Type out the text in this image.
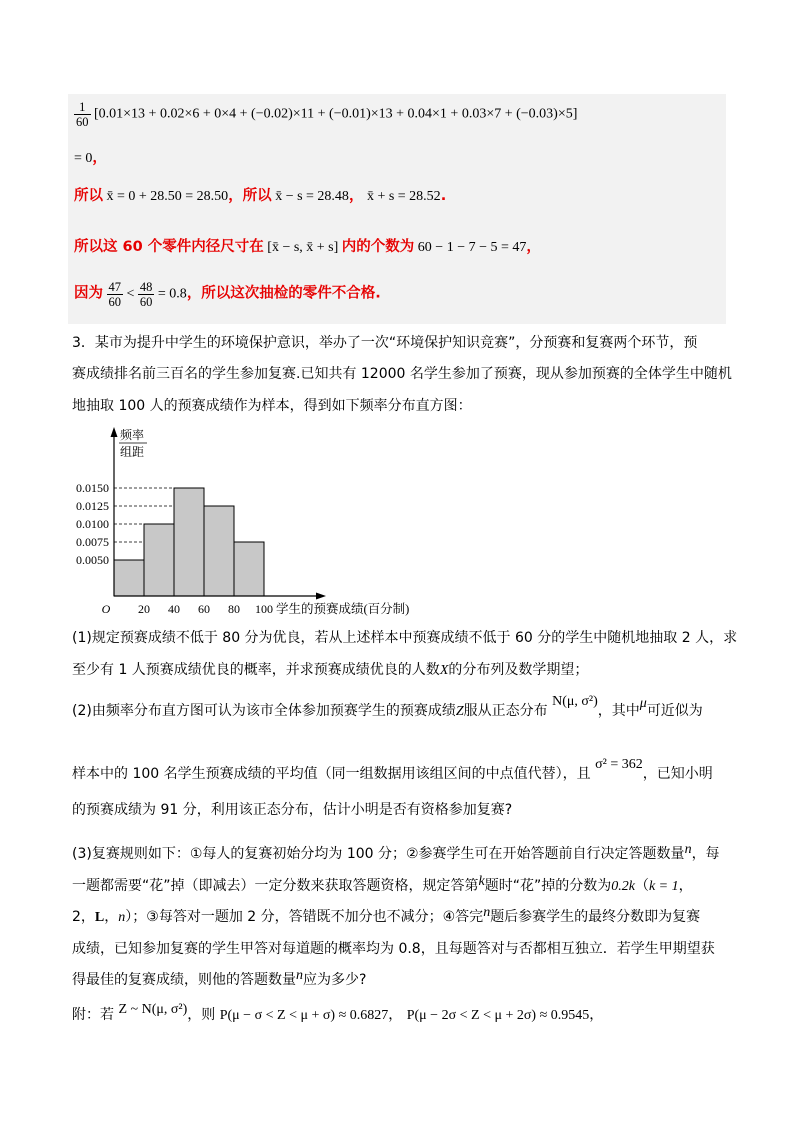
$\frac{1}{60} [0.01\times 13 + 0.02\times 6 + 0\times 4 + (-0.02)\times 11 + (-0.01)\times 13 + 0.04\times 1 + 0.03\times 7 + (-0.03)\times 5]$
= 0，
所以 x̄ = 0 + 28.50 = 28.50，所以 x̄ − s = 28.48， x̄ + s = 28.52.
所以这 60 个零件内径尺寸在 [x̄ − s, x̄ + s] 内的个数为 60 − 1 − 7 − 5 = 47，
因为 $\frac{47}{60} < \frac{48}{60} = 0.8$，所以这次抽检的零件不合格.
3．某市为提升中学生的环境保护意识，举办了一次“环境保护知识竞赛”，分预赛和复赛两个环节，预
赛成绩排名前三百名的学生参加复赛.已知共有 12000 名学生参加了预赛，现从参加预赛的全体学生中随机
地抽取 100 人的预赛成绩作为样本，得到如下频率分布直方图：
0.0050
0.0075
0.0100
0.0125
0.0150
O 20 40 60 80 100 学生的预赛成绩(百分制)
频率
组距
(1)规定预赛成绩不低于 80 分为优良，若从上述样本中预赛成绩不低于 60 分的学生中随机地抽取 2 人，求
至少有 1 人预赛成绩优良的概率，并求预赛成绩优良的人数X的分布列及数学期望；
(2)由频率分布直方图可认为该市全体参加预赛学生的预赛成绩Z服从正态分布 N(μ, σ²)，其中μ可近似为
样本中的 100 名学生预赛成绩的平均值（同一组数据用该组区间的中点值代替），且 σ² = 362，已知小明
的预赛成绩为 91 分，利用该正态分布，估计小明是否有资格参加复赛?
(3)复赛规则如下：①每人的复赛初始分均为 100 分；②参赛学生可在开始答题前自行决定答题数量n，每
一题都需要“花”掉（即减去）一定分数来获取答题资格，规定答第k题时“花”掉的分数为0.2k（k = 1，
2，L，n）；③每答对一题加 2 分，答错既不加分也不减分；④答完n题后参赛学生的最终分数即为复赛
成绩，已知参加复赛的学生甲答对每道题的概率均为 0.8，且每题答对与否都相互独立．若学生甲期望获
得最佳的复赛成绩，则他的答题数量n应为多少?
附：若 Z ~ N(μ, σ²)，则 P(μ − σ < Z < μ + σ) ≈ 0.6827， P(μ − 2σ < Z < μ + 2σ) ≈ 0.9545，
